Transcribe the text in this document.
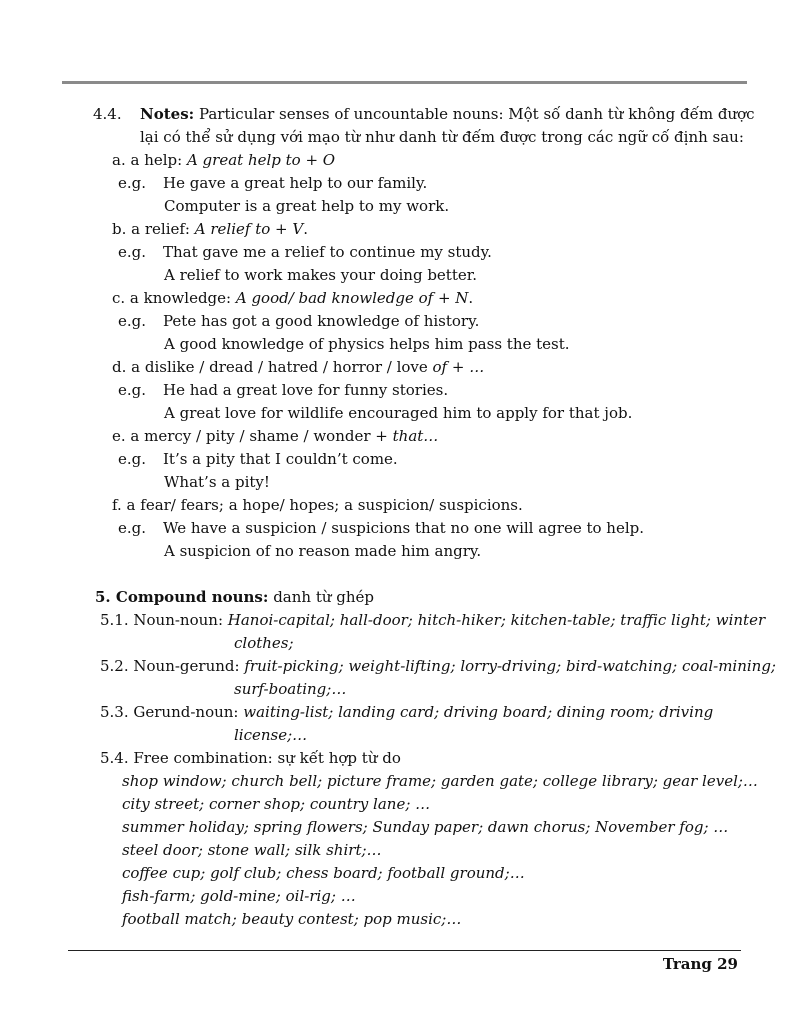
4.4. Notes: Particular senses of uncountable nouns: Một số danh từ không đếm được
lại có thể sử dụng với mạo từ như danh từ đếm được trong các ngữ cố định sau:
a. a help: A great help to + O
e.g. He gave a great help to our family.
Computer is a great help to my work.
b. a relief: A relief to + V.
e.g. That gave me a relief to continue my study.
A relief to work makes your doing better.
c. a knowledge: A good/ bad knowledge of + N.
e.g. Pete has got a good knowledge of history.
A good knowledge of physics helps him pass the test.
d. a dislike / dread / hatred / horror / love of + …
e.g. He had a great love for funny stories.
A great love for wildlife encouraged him to apply for that job.
e. a mercy / pity / shame / wonder + that…
e.g. It’s a pity that I couldn’t come.
What’s a pity!
f. a fear/ fears; a hope/ hopes; a suspicion/ suspicions.
e.g. We have a suspicion / suspicions that no one will agree to help.
A suspicion of no reason made him angry.
5. Compound nouns: danh từ ghép
5.1. Noun-noun: Hanoi-capital; hall-door; hitch-hiker; kitchen-table; traffic light; winter
clothes;
5.2. Noun-gerund: fruit-picking; weight-lifting; lorry-driving; bird-watching; coal-mining;
surf-boating;…
5.3. Gerund-noun: waiting-list; landing card; driving board; dining room; driving
license;…
5.4. Free combination: sự kết hợp từ do
shop window; church bell; picture frame; garden gate; college library; gear level;…
city street; corner shop; country lane; …
summer holiday; spring flowers; Sunday paper; dawn chorus; November fog; …
steel door; stone wall; silk shirt;…
coffee cup; golf club; chess board; football ground;…
fish-farm; gold-mine; oil-rig; …
football match; beauty contest; pop music;…
Trang 29
